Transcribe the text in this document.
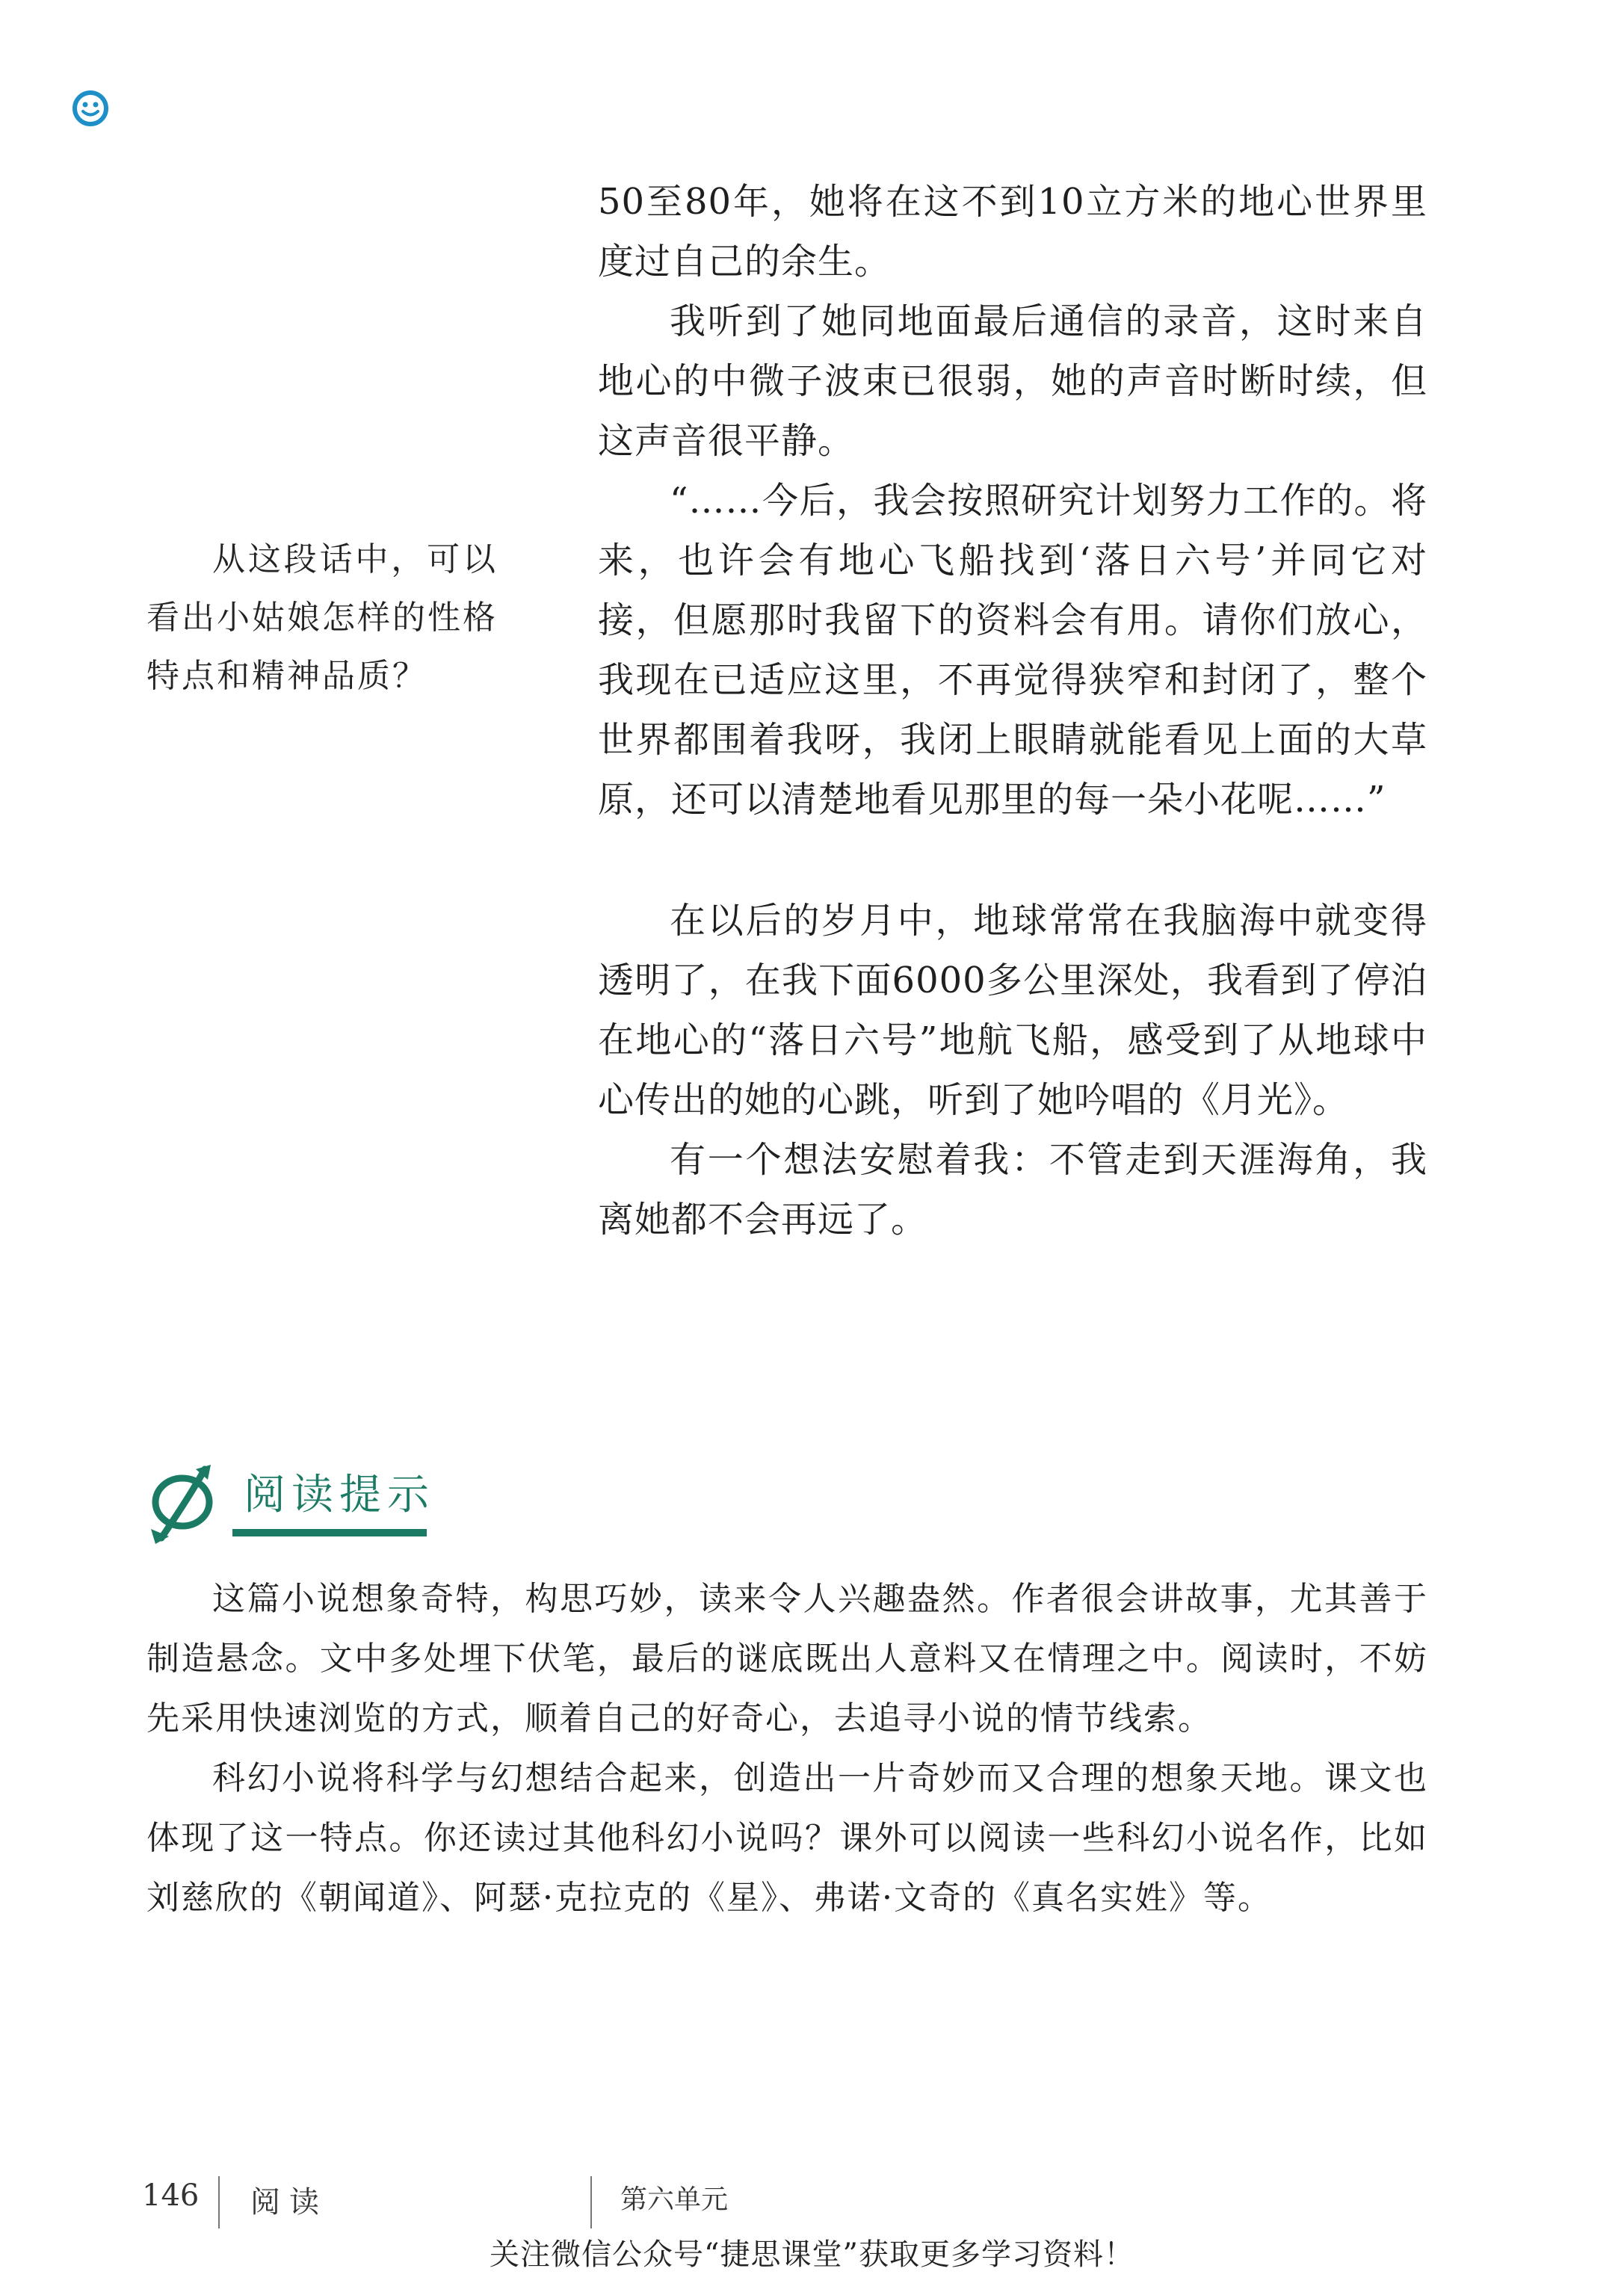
50至80年，她将在这不到10立方米的地心世界里度过自己的余生。

我听到了她同地面最后通信的录音，这时来自地心的中微子波束已很弱，她的声音时断时续，但这声音很平静。

“……今后，我会按照研究计划努力工作的。将来，也许会有地心飞船找到‘落日六号’并同它对接，但愿那时我留下的资料会有用。请你们放心，我现在已适应这里，不再觉得狭窄和封闭了，整个世界都围着我呀，我闭上眼睛就能看见上面的大草原，还可以清楚地看见那里的每一朵小花呢……”

在以后的岁月中，地球常常在我脑海中就变得透明了，在我下面6000多公里深处，我看到了停泊在地心的“落日六号”地航飞船，感受到了从地球中心传出的她的心跳，听到了她吟唱的《月光》。

有一个想法安慰着我：不管走到天涯海角，我离她都不会再远了。

从这段话中，可以看出小姑娘怎样的性格特点和精神品质？

阅读提示

这篇小说想象奇特，构思巧妙，读来令人兴趣盎然。作者很会讲故事，尤其善于制造悬念。文中多处埋下伏笔，最后的谜底既出人意料又在情理之中。阅读时，不妨先采用快速浏览的方式，顺着自己的好奇心，去追寻小说的情节线索。

科幻小说将科学与幻想结合起来，创造出一片奇妙而又合理的想象天地。课文也体现了这一特点。你还读过其他科幻小说吗？课外可以阅读一些科幻小说名作，比如刘慈欣的《朝闻道》、阿瑟·克拉克的《星》、弗诺·文奇的《真名实姓》等。

146 阅读	第六单元
关注微信公众号“捷思课堂”获取更多学习资料！
